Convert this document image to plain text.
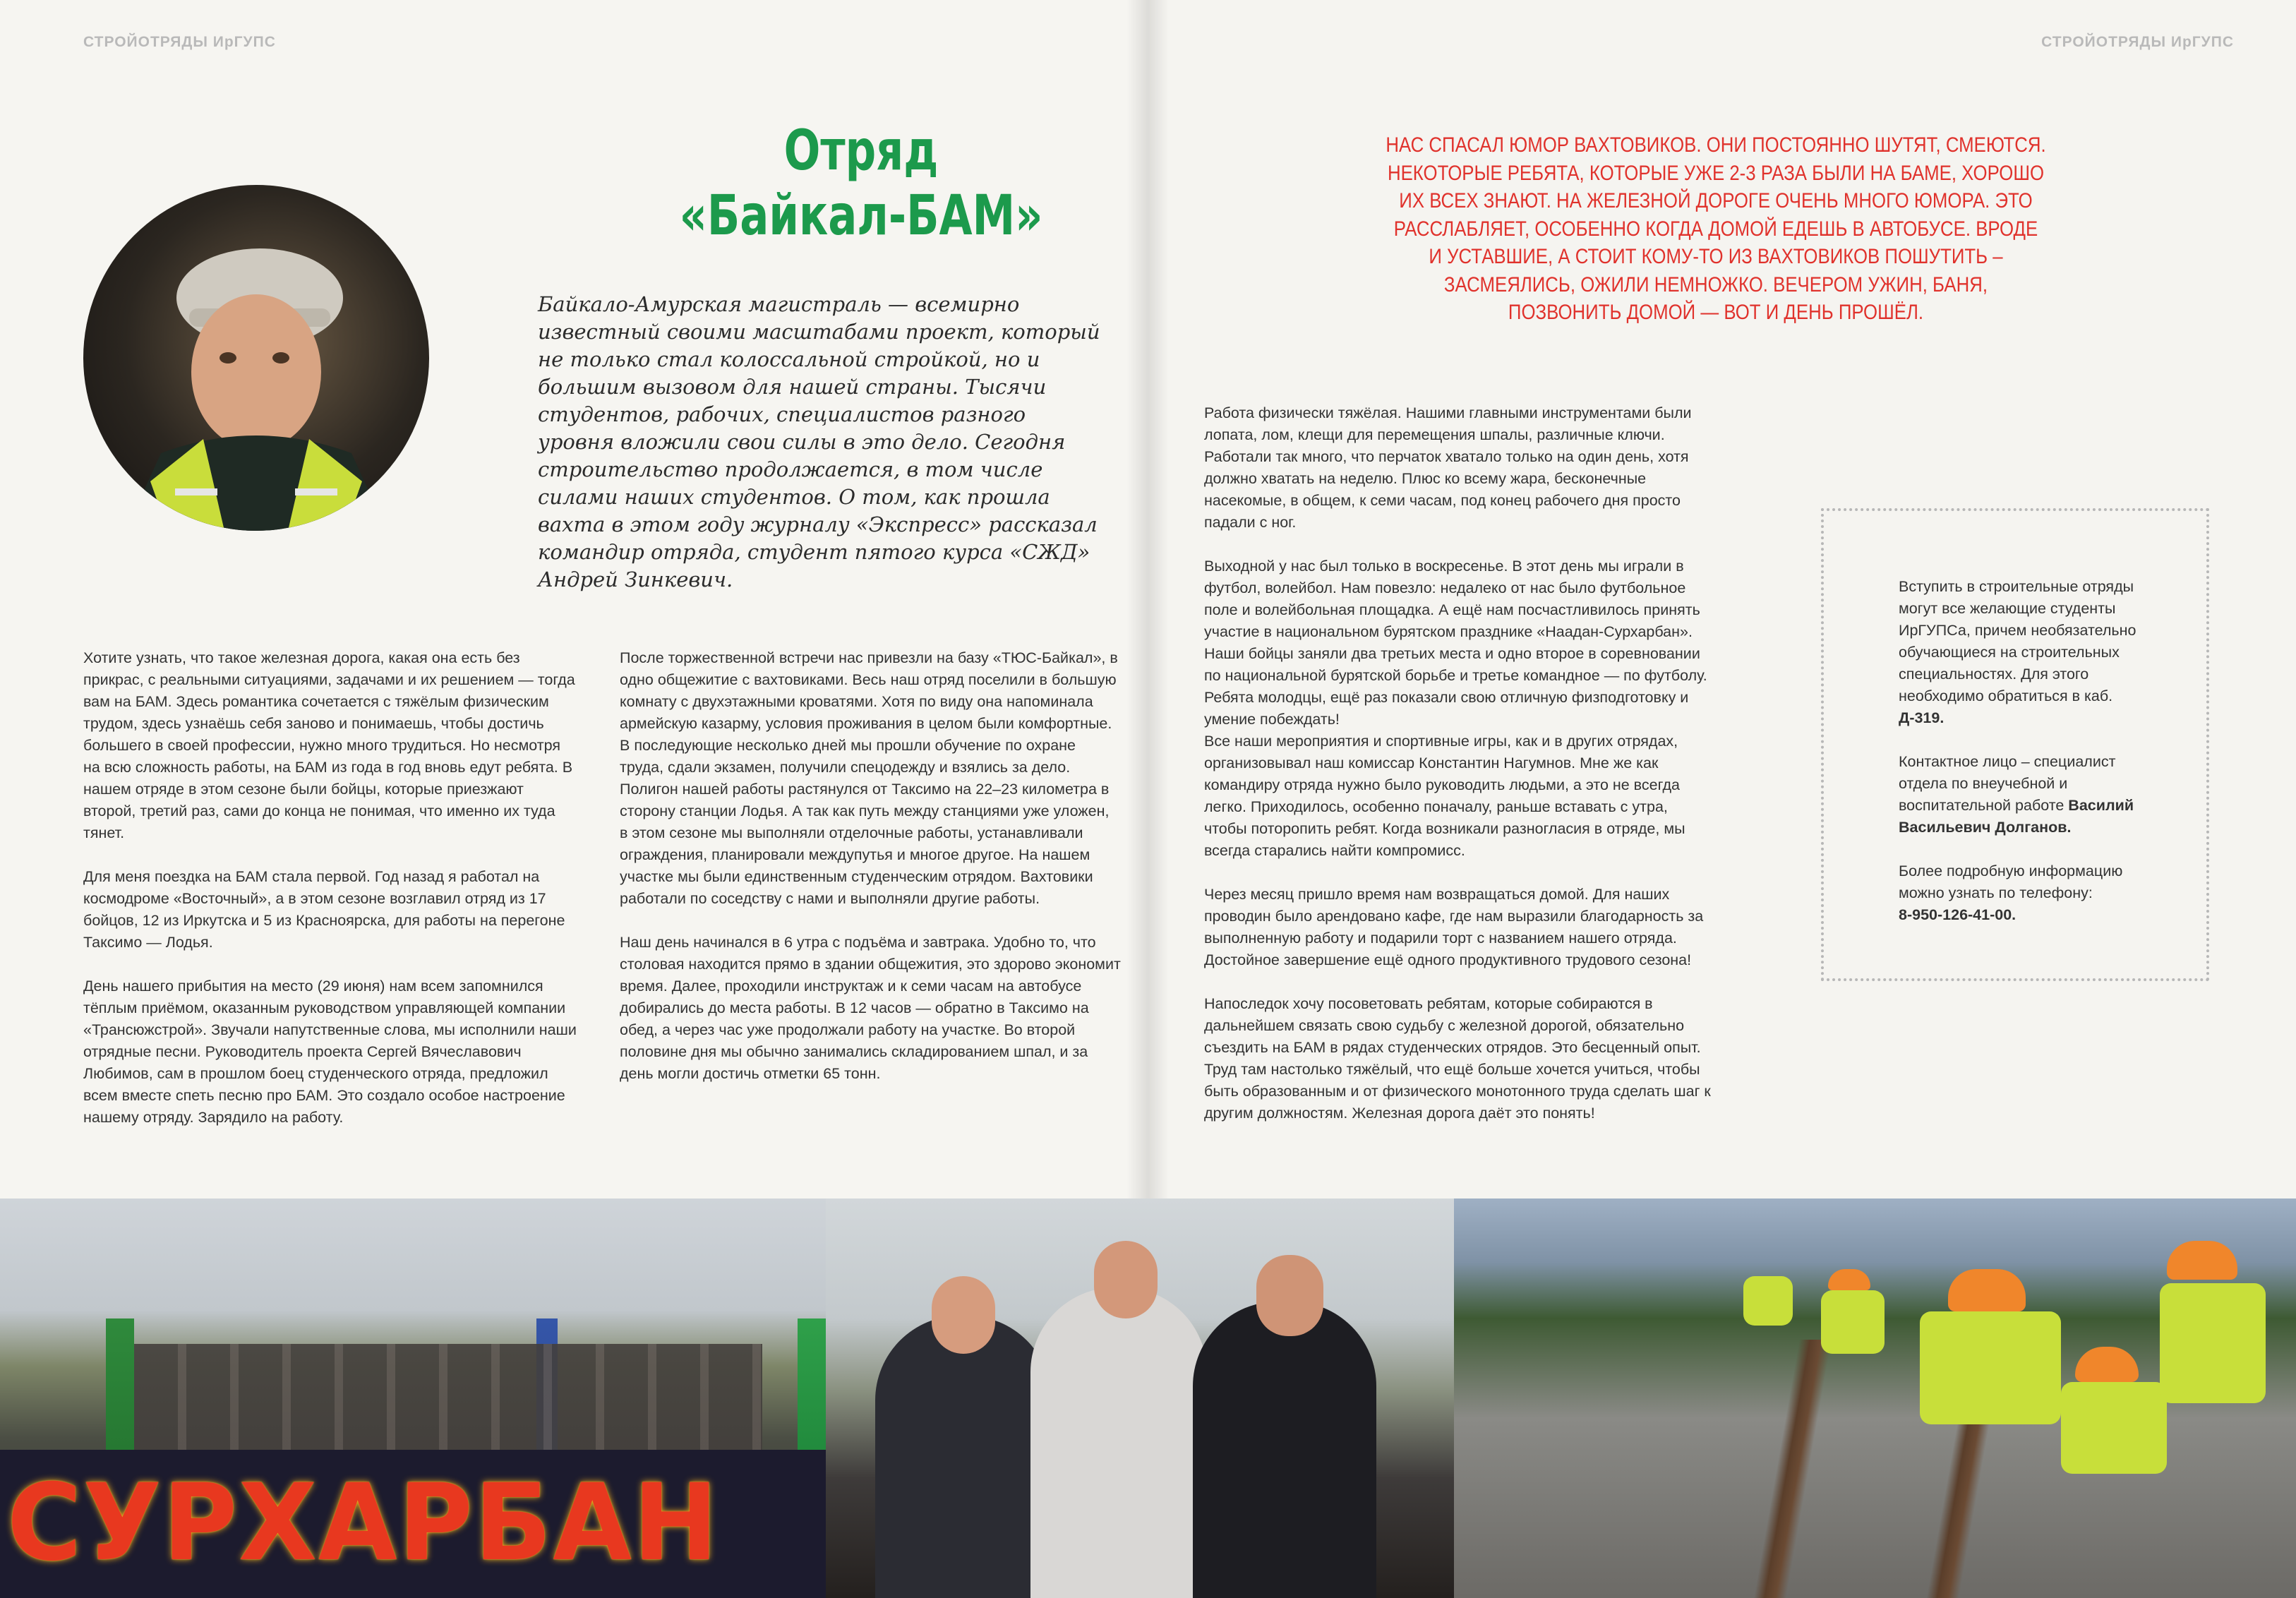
СТРОЙОТРЯДЫ ИрГУПС	СТРОЙОТРЯДЫ ИрГУПС
Отряд
«Байкал-БАМ»
Байкало-Амурская магистраль — всемирно известный своими масштабами проект, который не только стал колоссальной стройкой, но и большим вызовом для нашей страны. Тысячи студентов, рабочих, специалистов разного уровня вложили свои силы в это дело. Сегодня строительство продолжается, в том числе силами наших студентов. О том, как прошла вахта в этом году журналу «Экспресс» рассказал командир отряда, студент пятого курса «СЖД» Андрей Зинкевич.

Хотите узнать, что такое железная дорога, какая она есть без прикрас, с реальными ситуациями, задачами и их решением — тогда вам на БАМ. Здесь романтика сочетается с тяжёлым физическим трудом, здесь узнаёшь себя заново и понимаешь, чтобы достичь большего в своей профессии, нужно много трудиться. Но несмотря на всю сложность работы, на БАМ из года в год вновь едут ребята. В нашем отряде в этом сезоне были бойцы, которые приезжают второй, третий раз, сами до конца не понимая, что именно их туда тянет.

Для меня поездка на БАМ стала первой. Год назад я работал на космодроме «Восточный», а в этом сезоне возглавил отряд из 17 бойцов, 12 из Иркутска и 5 из Красноярска, для работы на перегоне Таксимо — Лодья.

День нашего прибытия на место (29 июня) нам всем запомнился тёплым приёмом, оказанным руководством управляющей компании «Трансюжстрой». Звучали напутственные слова, мы исполнили наши отрядные песни. Руководитель проекта Сергей Вячеславович Любимов, сам в прошлом боец студенческого отряда, предложил всем вместе спеть песню про БАМ. Это создало особое настроение нашему отряду. Зарядило на работу.

После торжественной встречи нас привезли на базу «ТЮС-Байкал», в одно общежитие с вахтовиками. Весь наш отряд поселили в большую комнату с двухэтажными кроватями. Хотя по виду она напоминала армейскую казарму, условия проживания в целом были комфортные. В последующие несколько дней мы прошли обучение по охране труда, сдали экзамен, получили спецодежду и взялись за дело. Полигон нашей работы растянулся от Таксимо на 22–23 километра в сторону станции Лодья. А так как путь между станциями уже уложен, в этом сезоне мы выполняли отделочные работы, устанавливали ограждения, планировали междупутья и многое другое. На нашем участке мы были единственным студенческим отрядом. Вахтовики работали по соседству с нами и выполняли другие работы.

Наш день начинался в 6 утра с подъёма и завтрака. Удобно то, что столовая находится прямо в здании общежития, это здорово экономит время. Далее, проходили инструктаж и к семи часам на автобусе добирались до места работы. В 12 часов — обратно в Таксимо на обед, а через час уже продолжали работу на участке. Во второй половине дня мы обычно занимались складированием шпал, и за день могли достичь отметки 65 тонн.

НАС СПАСАЛ ЮМОР ВАХТОВИКОВ. ОНИ ПОСТОЯННО ШУТЯТ, СМЕЮТСЯ. НЕКОТОРЫЕ РЕБЯТА, КОТОРЫЕ УЖЕ 2-3 РАЗА БЫЛИ НА БАМЕ, ХОРОШО ИХ ВСЕХ ЗНАЮТ. НА ЖЕЛЕЗНОЙ ДОРОГЕ ОЧЕНЬ МНОГО ЮМОРА. ЭТО РАССЛАБЛЯЕТ, ОСОБЕННО КОГДА ДОМОЙ ЕДЕШЬ В АВТОБУСЕ. ВРОДЕ И УСТАВШИЕ, А СТОИТ КОМУ-ТО ИЗ ВАХТОВИКОВ ПОШУТИТЬ – ЗАСМЕЯЛИСЬ, ОЖИЛИ НЕМНОЖКО. ВЕЧЕРОМ УЖИН, БАНЯ, ПОЗВОНИТЬ ДОМОЙ — ВОТ И ДЕНЬ ПРОШЁЛ.

Работа физически тяжёлая. Нашими главными инструментами были лопата, лом, клещи для перемещения шпалы, различные ключи. Работали так много, что перчаток хватало только на один день, хотя должно хватать на неделю. Плюс ко всему жара, бесконечные насекомые, в общем, к семи часам, под конец рабочего дня просто падали с ног.

Выходной у нас был только в воскресенье. В этот день мы играли в футбол, волейбол. Нам повезло: недалеко от нас было футбольное поле и волейбольная площадка. А ещё нам посчастливилось принять участие в национальном бурятском празднике «Наадан-Сурхарбан». Наши бойцы заняли два третьих места и одно второе в соревновании по национальной бурятской борьбе и третье командное — по футболу. Ребята молодцы, ещё раз показали свою отличную физподготовку и умение побеждать!

Все наши мероприятия и спортивные игры, как и в других отрядах, организовывал наш комиссар Константин Нагумнов. Мне же как командиру отряда нужно было руководить людьми, а это не всегда легко. Приходилось, особенно поначалу, раньше вставать с утра, чтобы поторопить ребят. Когда возникали разногласия в отряде, мы всегда старались найти компромисс.

Через месяц пришло время нам возвращаться домой. Для наших проводин было арендовано кафе, где нам выразили благодарность за выполненную работу и подарили торт с названием нашего отряда. Достойное завершение ещё одного продуктивного трудового сезона!

Напоследок хочу посоветовать ребятам, которые собираются в дальнейшем связать свою судьбу с железной дорогой, обязательно съездить на БАМ в рядах студенческих отрядов. Это бесценный опыт. Труд там настолько тяжёлый, что ещё больше хочется учиться, чтобы быть образованным и от физического монотонного труда сделать шаг к другим должностям. Железная дорога даёт это понять!

Вступить в строительные отряды могут все желающие студенты ИрГУПСа, причем необязательно обучающиеся на строительных специальностях. Для этого необходимо обратиться в каб. Д-319.

Контактное лицо – специалист отдела по внеучебной и воспитательной работе Василий Васильевич Долганов.

Более подробную информацию можно узнать по телефону:
8-950-126-41-00.

СУРХАРБАН
